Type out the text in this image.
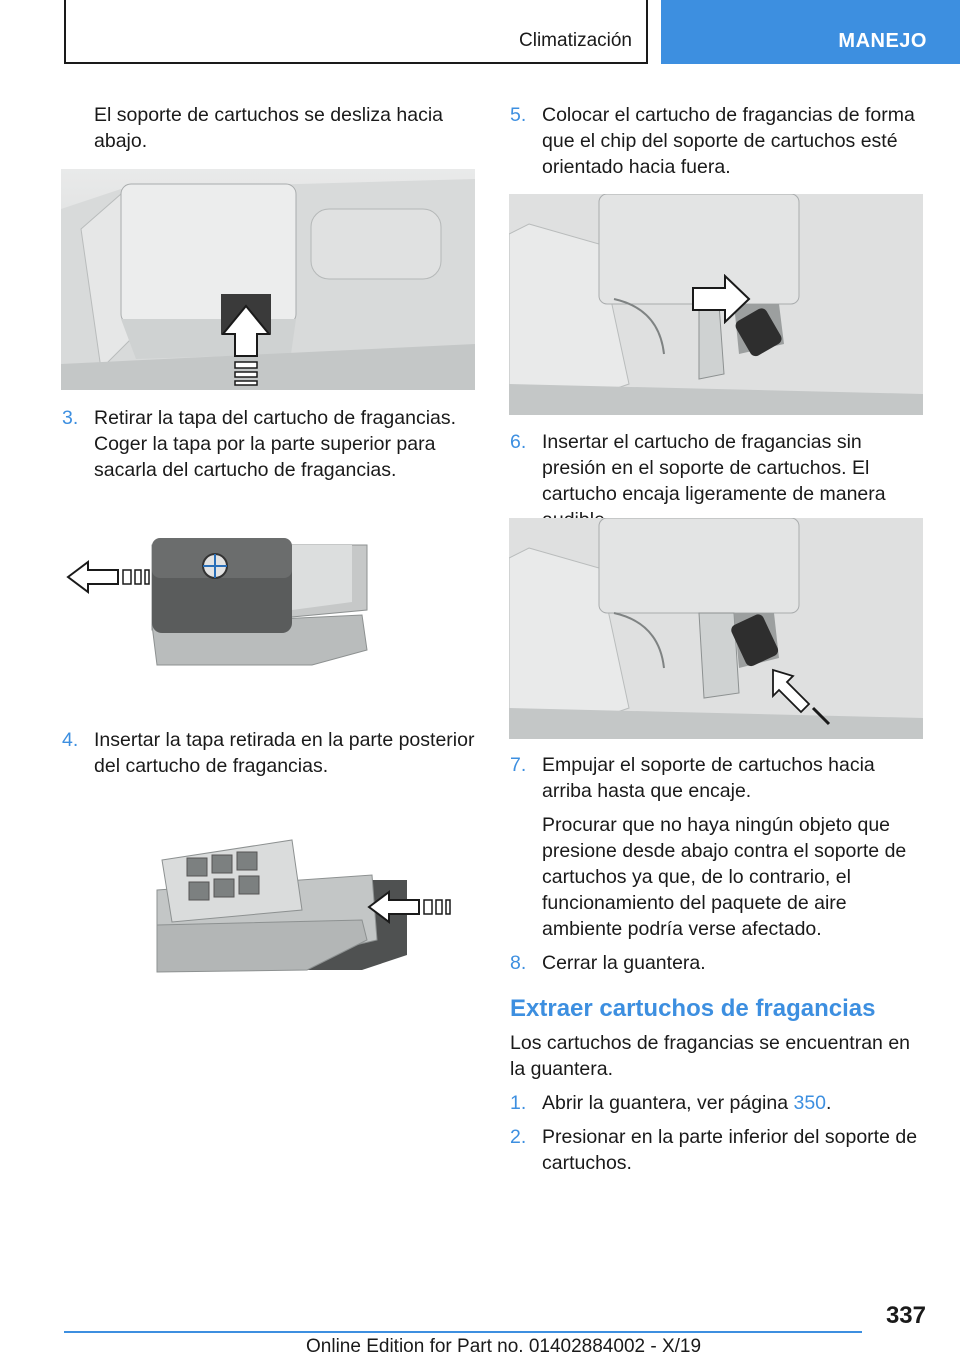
Climatización	MANEJO

El soporte de cartuchos se desliza hacia abajo.

3. Retirar la tapa del cartucho de fragancias. Coger la tapa por la parte superior para sacarla del cartucho de fragancias.
4. Insertar la tapa retirada en la parte posterior del cartucho de fragancias.
5. Colocar el cartucho de fragancias de forma que el chip del soporte de cartuchos esté orientado hacia fuera.
6. Insertar el cartucho de fragancias sin presión en el soporte de cartuchos. El cartucho encaja ligeramente de manera
7. Empujar el soporte de cartuchos hacia arriba hasta que encaje.
Procurar que no haya ningún objeto que presione desde abajo contra el soporte de cartuchos ya que, de lo contrario, el funcionamiento del paquete de aire ambiente podría verse afectado.
8. Cerrar la guantera.
Extraer cartuchos de fragancias

Los cartuchos de fragancias se encuentran en la guantera.

1. Abrir la guantera, ver página 350.
2. Presionar en la parte inferior del soporte de cartuchos.
337
Online Edition for Part no. 01402884002 - X/19
